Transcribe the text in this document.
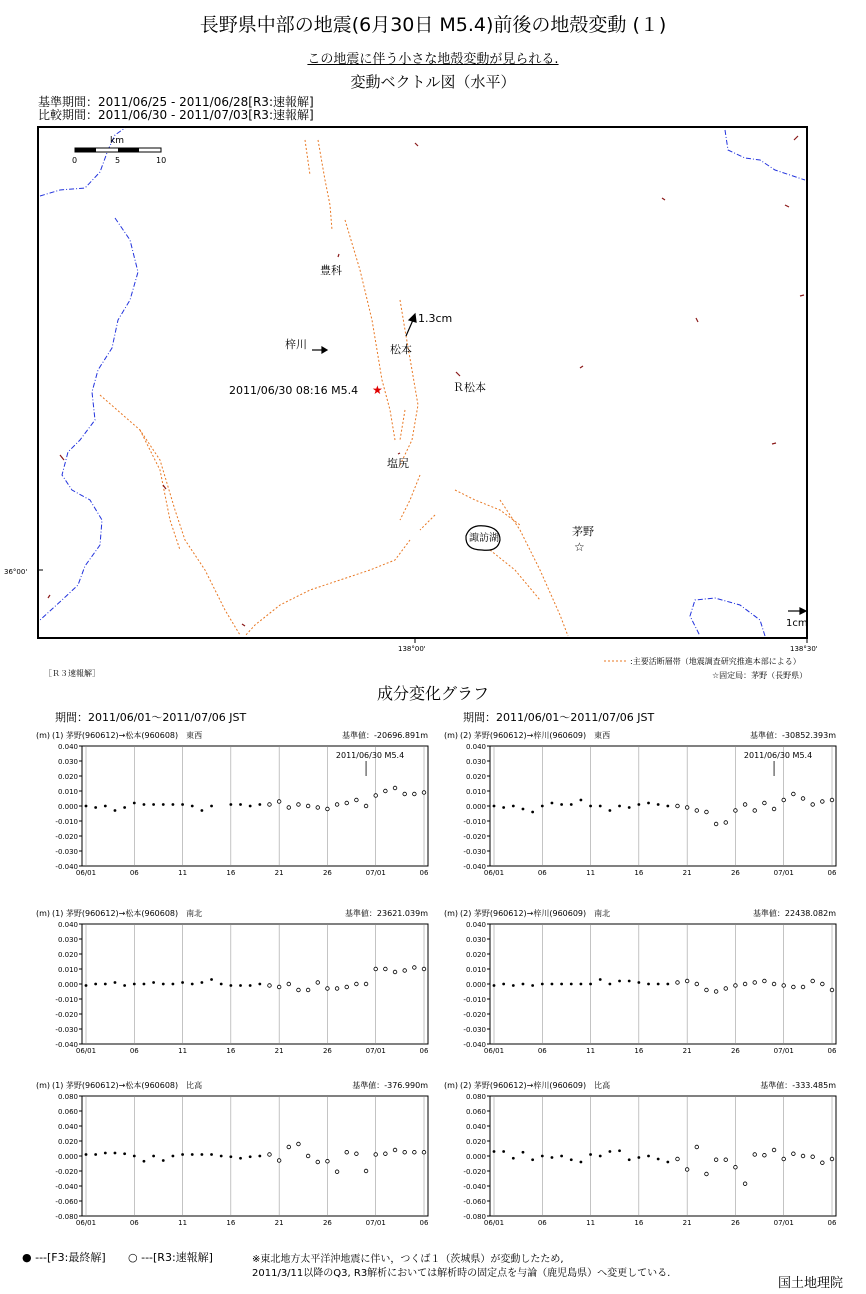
長野県中部の地震(6月30日 M5.4)前後の地殻変動 (１)
この地震に伴う小さな地殻変動が見られる.
変動ベクトル図（水平）
基準期間：2011/06/25 - 2011/06/28[R3:速報解]
比較期間：2011/06/30 - 2011/07/03[R3:速報解]
km
0	5	10
★
☆
豊科
梓川	松本
1.3cm
Ｒ松本
2011/06/30 08:16 M5.4
塩尻
諏訪湖
茅野
1cm
36°00'
138°00'	138°30'
:主要活断層帯（地震調査研究推進本部による）
☆固定局：茅野（長野県）
［Ｒ３速報解］
成分変化グラフ
期間：2011/06/01～2011/07/06 JST	期間：2011/06/01～2011/07/06 JST
(m) (1) 茅野(960612)→松本(960608)　東西	基準値：-20696.891m
0.040
0.030
0.020
0.010
0.000
-0.010
-0.020
-0.030
-0.040
06/01	06	11	16	21	26	07/01	06
2011/06/30 M5.4
(m) (2) 茅野(960612)→梓川(960609)　東西	基準値：-30852.393m
0.040
0.030
0.020
0.010
0.000
-0.010
-0.020
-0.030
-0.040
06/01	06	11	16	21	26	07/01	06
2011/06/30 M5.4
(m) (1) 茅野(960612)→松本(960608)　南北	基準値：23621.039m
0.040
0.030
0.020
0.010
0.000
-0.010
-0.020
-0.030
-0.040
06/01	06	11	16	21	26	07/01	06
(m) (2) 茅野(960612)→梓川(960609)　南北	基準値：22438.082m
0.040
0.030
0.020
0.010
0.000
-0.010
-0.020
-0.030
-0.040
06/01	06	11	16	21	26	07/01	06
(m) (1) 茅野(960612)→松本(960608)　比高	基準値：-376.990m
0.080
0.060
0.040
0.020
0.000
-0.020
-0.040
-0.060
-0.080
06/01	06	11	16	21	26	07/01	06
(m) (2) 茅野(960612)→梓川(960609)　比高	基準値：-333.485m
0.080
0.060
0.040
0.020
0.000
-0.020
-0.040
-0.060
-0.080
06/01	06	11	16	21	26	07/01	06
● ---[F3:最終解] ○ ---[R3:速報解]	※東北地方太平洋沖地震に伴い，つくば１（茨城県）が変動したため,
2011/3/11以降のQ3, R3解析においては解析時の固定点を与論（鹿児島県）へ変更している.
国土地理院
